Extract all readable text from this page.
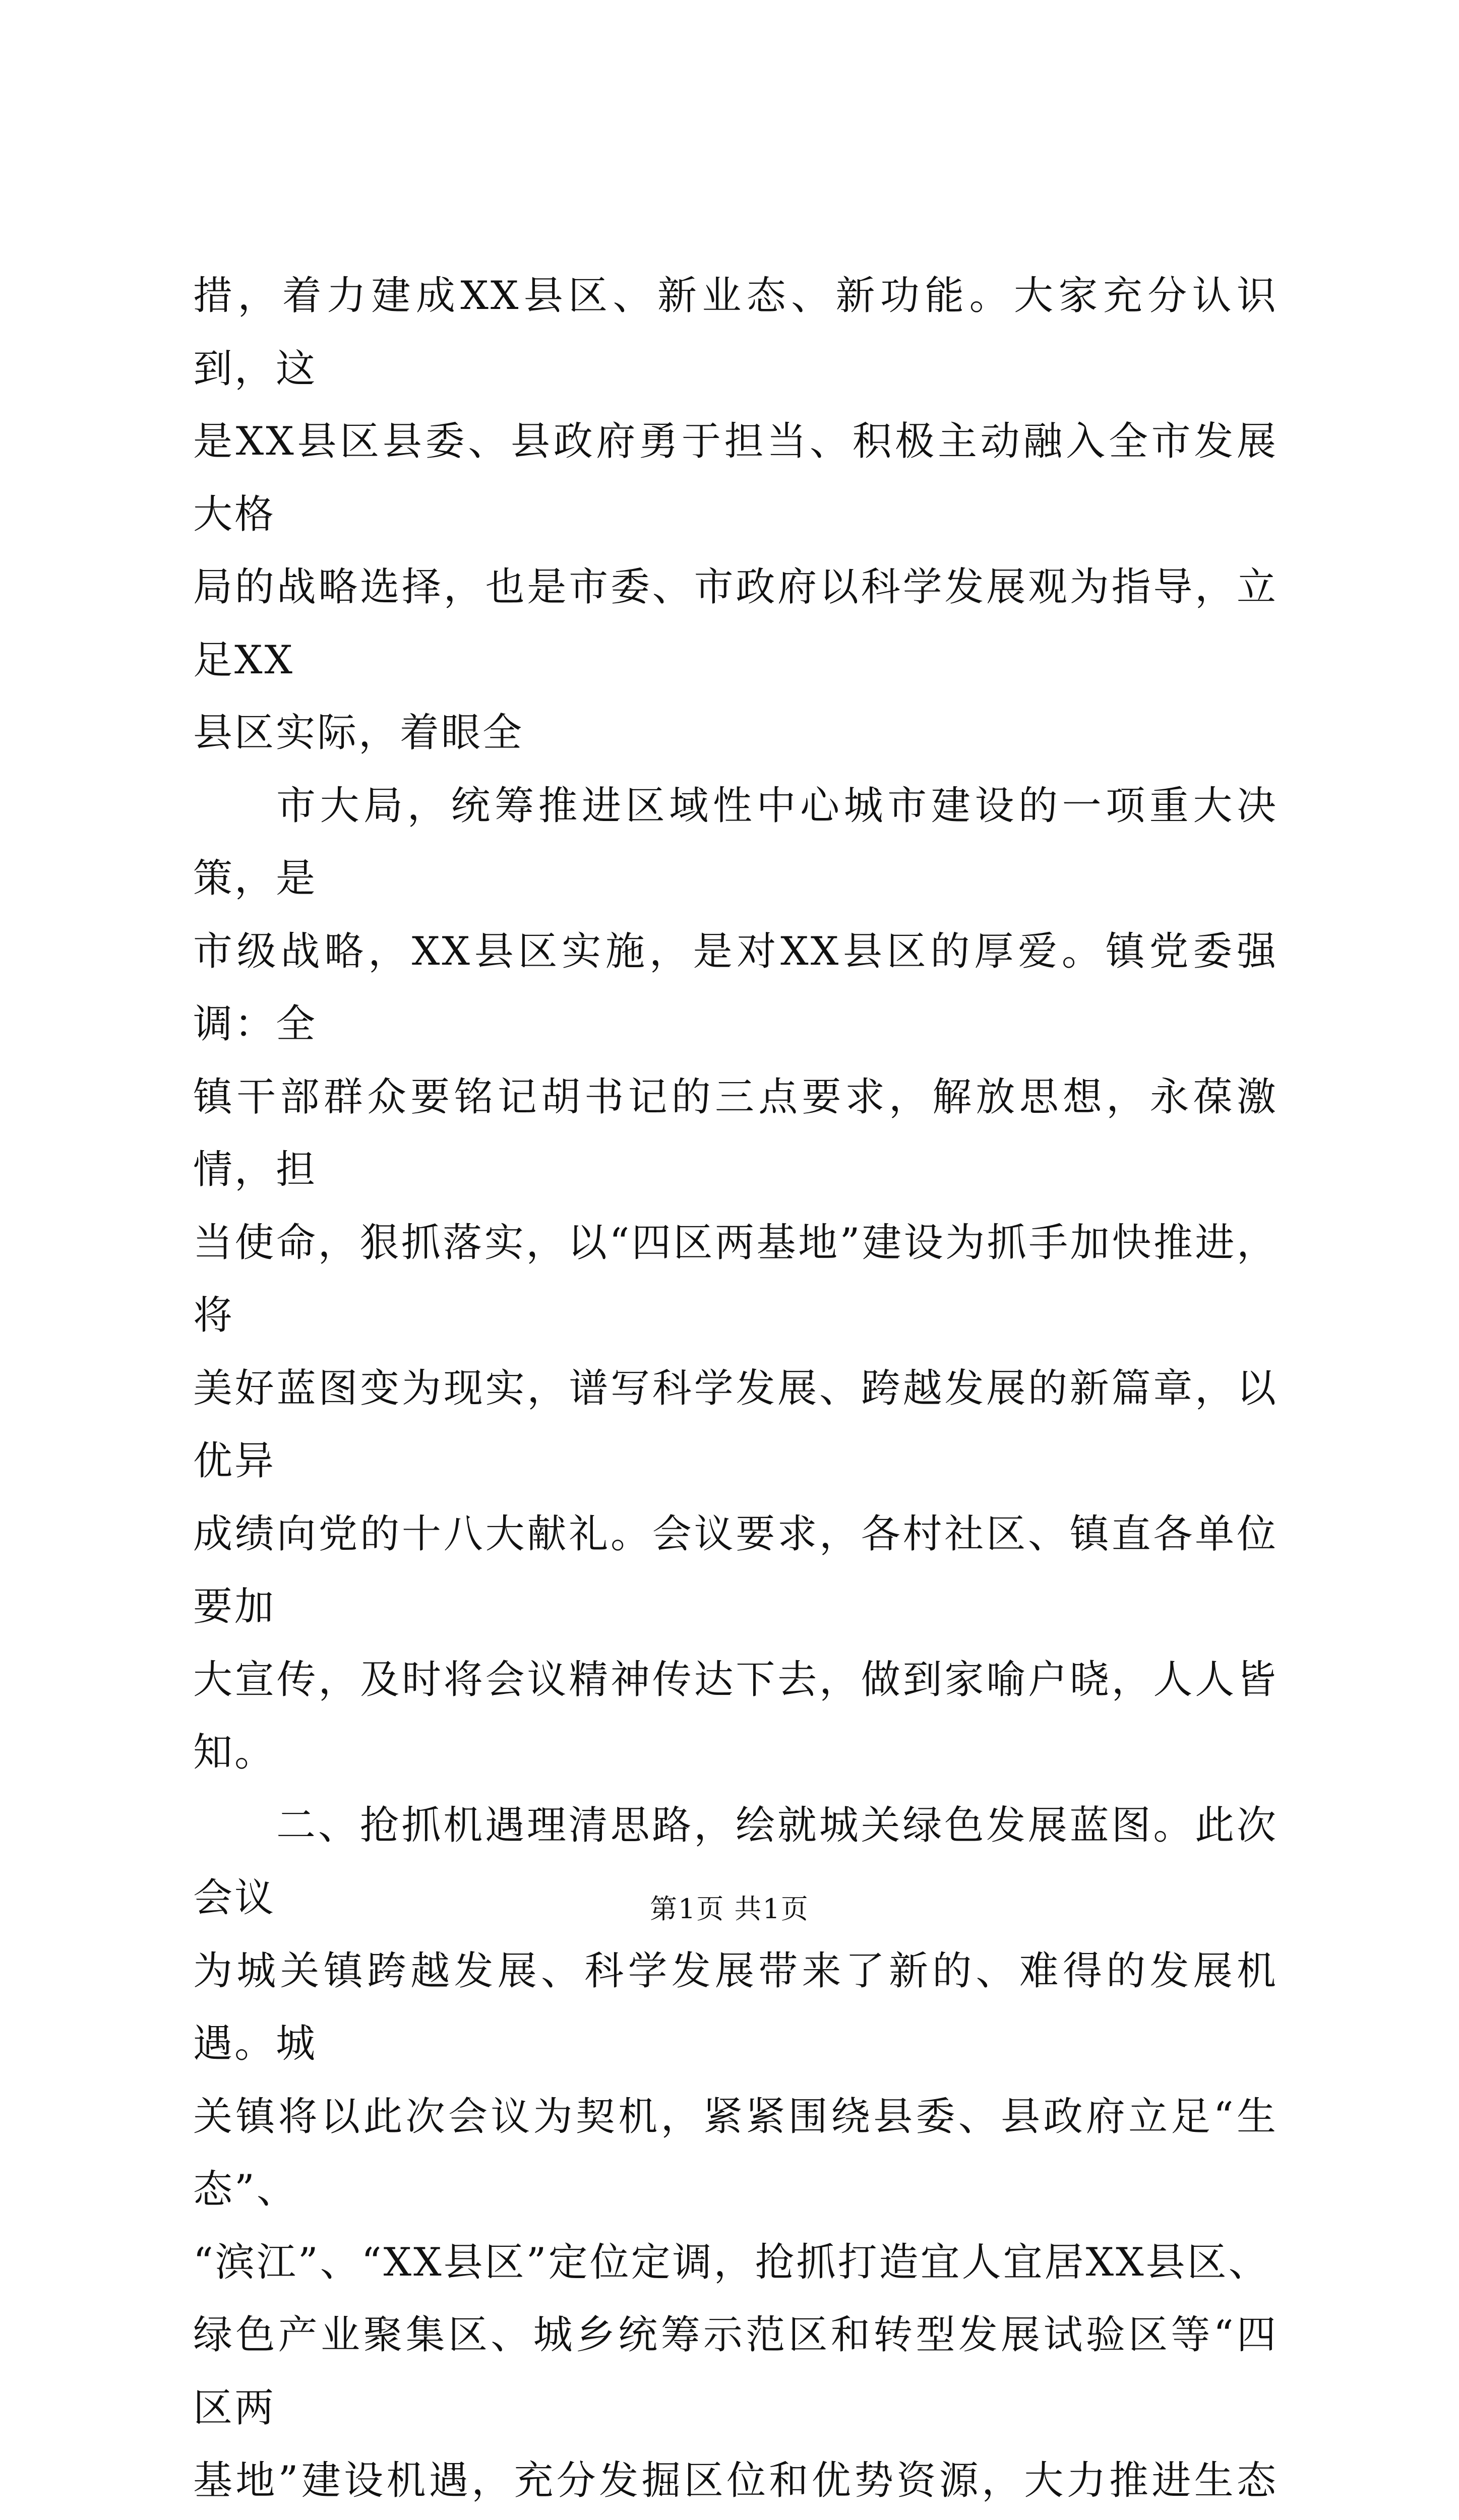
措，着力建成XX县区、新业态、新功能。大家充分认识到，这
是XX县区县委、县政府勇于担当、积极主动融入全市发展大格
局的战略选择，也是市委、市政府以科学发展观为指导，立足XX
县区实际，着眼全

市大局，统筹推进区域性中心城市建设的一项重大决策，是
市级战略，XX县区实施，是对XX县区的厚爱。镇党委强调：全
镇干部群众要铭记胡书记的三点要求，解放思想，永葆激情，担
当使命，狠抓落实，以“四区两基地”建设为抓手加快推进，将
美好蓝图变为现实，谱写科学发展、跨越发展的新篇章，以优异
成绩向党的十八大献礼。会议要求，各村社区、镇直各单位要加
大宣传，及时将会议精神传达下去，做到家喻户晓，人人皆知。

二、抢抓机遇理清思路，绘就城关绿色发展蓝图。此次会议
为城关镇跨越发展、科学发展带来了新的、难得的发展机遇。城
关镇将以此次会议为契机，紧紧围绕县委、县政府立足“生态”、
“滨江”、“XX县区”定位定调，抢抓打造宜人宜居XX县区、
绿色产业聚集区、城乡统筹示范区和转型发展试验区等“四区两
基地”建设机遇，充分发掘区位和优势资源，大力推进生态

第1页 共1页
